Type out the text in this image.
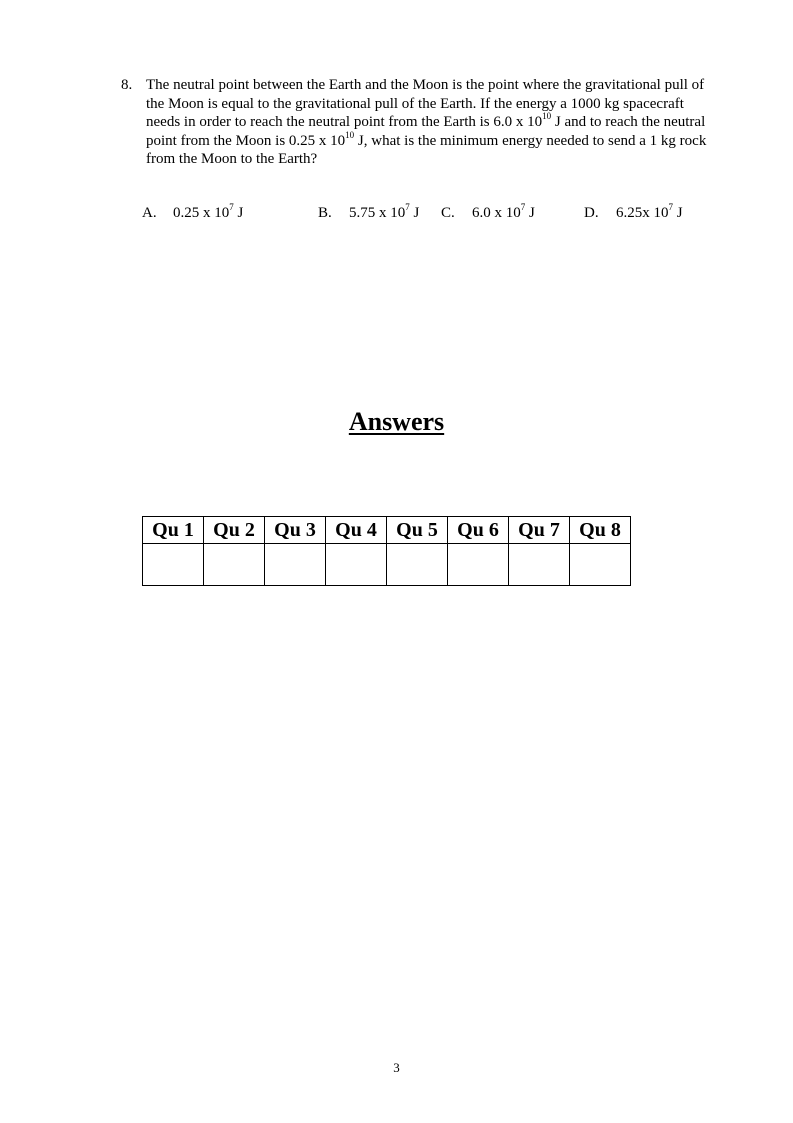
8. The neutral point between the Earth and the Moon is the point where the gravitational pull of the Moon is equal to the gravitational pull of the Earth. If the energy a 1000 kg spacecraft needs in order to reach the neutral point from the Earth is 6.0 x $10^{10}$ J and to reach the neutral point from the Moon is 0.25 x $10^{10}$ J, what is the minimum energy needed to send a 1 kg rock from the Moon to the Earth?
A. 0.25 x $10^7$ J	B. 5.75 x $10^7$ J C. 6.0 x $10^7$ J	D. 6.25x $10^7$ J
Answers
Qu 1	Qu 2	Qu 3	Qu 4	Qu 5	Qu 6	Qu 7	Qu 8

3
